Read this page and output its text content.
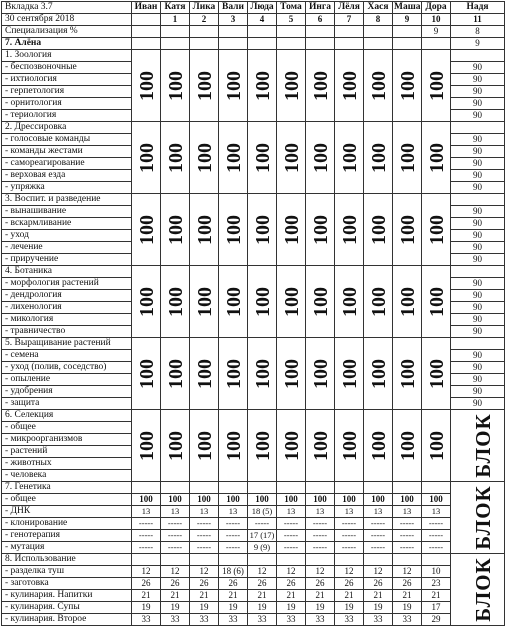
Вкладка 3.7	Иван	Катя	Лика	Вали	Люда	Тома	Инга	Лёля	Хася	Маша	Дора	Надя
30 сентября 2018		1	2	3	4	5	6	7	8	9	10	11
Специализация %											9	8
7. Алёна												9
1. Зоология	100	100	100	100	100	100	100	100	100	100	100	
- беспозвоночные												90
- ихтиология												90
- герпетология												90
- орнитология												90
- териология												90
2. Дрессировка	100	100	100	100	100	100	100	100	100	100	100	
- голосовые команды												90
- команды жестами												90
- самореагирование												90
- верховая езда												90
- упряжка												90
3. Воспит. и разведение	100	100	100	100	100	100	100	100	100	100	100	
- вынашивание												90
- вскармливание												90
- уход												90
- лечение												90
- приручение												90
4. Ботаника	100	100	100	100	100	100	100	100	100	100	100	
- морфология растений												90
- дендрология												90
- лихенология												90
- микология												90
- травничество												90
5. Выращивание растений	100	100	100	100	100	100	100	100	100	100	100	
- семена												90
- уход (полив, соседство)												90
- опыление												90
- удобрения												90
- защита												90
6. Селекция	100	100	100	100	100	100	100	100	100	100	100	БЛОК
- общее												
- микроорганизмов												
- растений												
- животных												
- человека												
7. Генетика												БЛОК
- общее	100	100	100	100	100	100	100	100	100	100	100	
- ДНК	13	13	13	13	18 (5)	13	13	13	13	13	13	
- клонирование	-----	-----	-----	-----	-----	-----	-----	-----	-----	-----	-----	
- генотерапия	-----	-----	-----	-----	17 (17)	-----	-----	-----	-----	-----	-----	
- мутация	-----	-----	-----	-----	9 (9)	-----	-----	-----	-----	-----	-----	
8. Использование												БЛОК
- разделка туш	12	12	12	18 (6)	12	12	12	12	12	12	10	
- заготовка	26	26	26	26	26	26	26	26	26	26	23	
- кулинария. Напитки	21	21	21	21	21	21	21	21	21	21	21	
- кулинария. Супы	19	19	19	19	19	19	19	19	19	19	17	
- кулинария. Второе	33	33	33	33	33	33	33	33	33	33	29	
